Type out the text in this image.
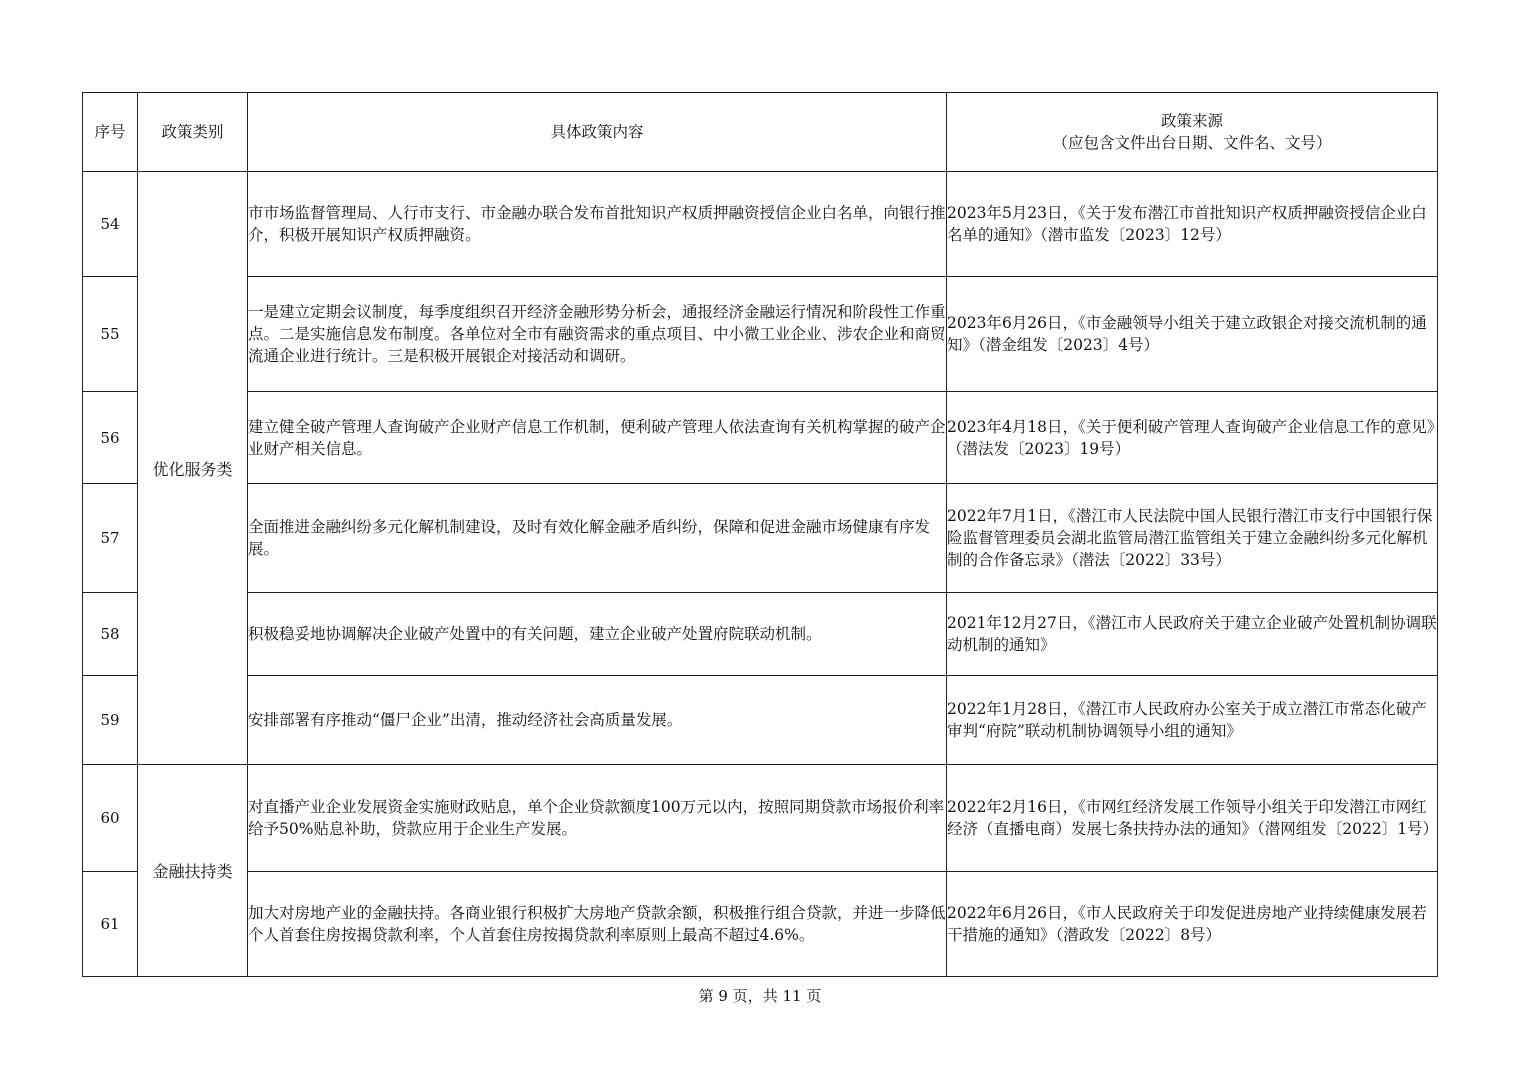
序号	政策类别	具体政策内容	政策来源
（应包含文件出台日期、文件名、文号）

54	优化服务类	市市场监督管理局、人行市支行、市金融办联合发布首批知识产权质押融资授信企业白名单，向银行推介，积极开展知识产权质押融资。	2023年5月23日，《关于发布潜江市首批知识产权质押融资授信企业白名单的通知》（潜市监发〔2023〕12号）
55		一是建立定期会议制度，每季度组织召开经济金融形势分析会，通报经济金融运行情况和阶段性工作重点。二是实施信息发布制度。各单位对全市有融资需求的重点项目、中小微工业企业、涉农企业和商贸流通企业进行统计。三是积极开展银企对接活动和调研。	2023年6月26日，《市金融领导小组关于建立政银企对接交流机制的通知》（潜金组发〔2023〕4号）
56		建立健全破产管理人查询破产企业财产信息工作机制，便利破产管理人依法查询有关机构掌握的破产企业财产相关信息。	2023年4月18日，《关于便利破产管理人查询破产企业信息工作的意见》（潜法发〔2023〕19号）
57		全面推进金融纠纷多元化解机制建设，及时有效化解金融矛盾纠纷，保障和促进金融市场健康有序发展。	2022年7月1日，《潜江市人民法院中国人民银行潜江市支行中国银行保险监督管理委员会湖北监管局潜江监管组关于建立金融纠纷多元化解机制的合作备忘录》（潜法〔2022〕33号）
58		积极稳妥地协调解决企业破产处置中的有关问题，建立企业破产处置府院联动机制。	2021年12月27日，《潜江市人民政府关于建立企业破产处置机制协调联动机制的通知》
59		安排部署有序推动“僵尸企业”出清，推动经济社会高质量发展。	2022年1月28日，《潜江市人民政府办公室关于成立潜江市常态化破产审判“府院”联动机制协调领导小组的通知》
60	金融扶持类	对直播产业企业发展资金实施财政贴息，单个企业贷款额度100万元以内，按照同期贷款市场报价利率给予50%贴息补助，贷款应用于企业生产发展。	2022年2月16日，《市网红经济发展工作领导小组关于印发潜江市网红经济（直播电商）发展七条扶持办法的通知》（潜网组发〔2022〕1号）
61		加大对房地产业的金融扶持。各商业银行积极扩大房地产贷款余额，积极推行组合贷款，并进一步降低个人首套住房按揭贷款利率，个人首套住房按揭贷款利率原则上最高不超过4.6%。	2022年6月26日，《市人民政府关于印发促进房地产业持续健康发展若干措施的通知》（潜政发〔2022〕8号）
第 9 页，共 11 页
